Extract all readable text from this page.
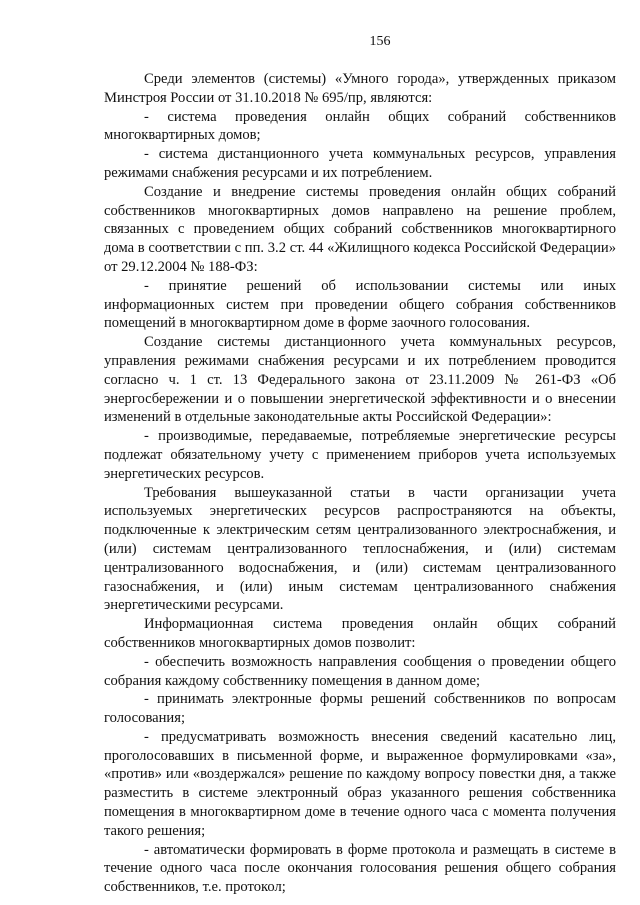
156

Среди элементов (системы) «Умного города», утвержденных приказом Минстроя России от 31.10.2018 № 695/пр, являются:

- система проведения онлайн общих собраний собственников многоквартирных домов;

- система дистанционного учета коммунальных ресурсов, управления режимами снабжения ресурсами и их потреблением.

Создание и внедрение системы проведения онлайн общих собраний собственников многоквартирных домов направлено на решение проблем, связанных с проведением общих собраний собственников многоквартирного дома в соответствии с пп. 3.2 ст. 44 «Жилищного кодекса Российской Федерации» от 29.12.2004 № 188-ФЗ:

- принятие решений об использовании системы или иных информационных систем при проведении общего собрания собственников помещений в многоквартирном доме в форме заочного голосования.

Создание системы дистанционного учета коммунальных ресурсов, управления режимами снабжения ресурсами и их потреблением проводится согласно ч. 1 ст. 13 Федерального закона от 23.11.2009 № 261-ФЗ «Об энергосбережении и о повышении энергетической эффективности и о внесении изменений в отдельные законодательные акты Российской Федерации»:

- производимые, передаваемые, потребляемые энергетические ресурсы подлежат обязательному учету с применением приборов учета используемых энергетических ресурсов.

Требования вышеуказанной статьи в части организации учета используемых энергетических ресурсов распространяются на объекты, подключенные к электрическим сетям централизованного электроснабжения, и (или) системам централизованного теплоснабжения, и (или) системам централизованного водоснабжения, и (или) системам централизованного газоснабжения, и (или) иным системам централизованного снабжения энергетическими ресурсами.

Информационная система проведения онлайн общих собраний собственников многоквартирных домов позволит:

- обеспечить возможность направления сообщения о проведении общего собрания каждому собственнику помещения в данном доме;

- принимать электронные формы решений собственников по вопросам голосования;

- предусматривать возможность внесения сведений касательно лиц, проголосовавших в письменной форме, и выраженное формулировками «за», «против» или «воздержался» решение по каждому вопросу повестки дня, а также разместить в системе электронный образ указанного решения собственника помещения в многоквартирном доме в течение одного часа с момента получения такого решения;

- автоматически формировать в форме протокола и размещать в системе в течение одного часа после окончания голосования решения общего собрания собственников, т.е. протокол;
